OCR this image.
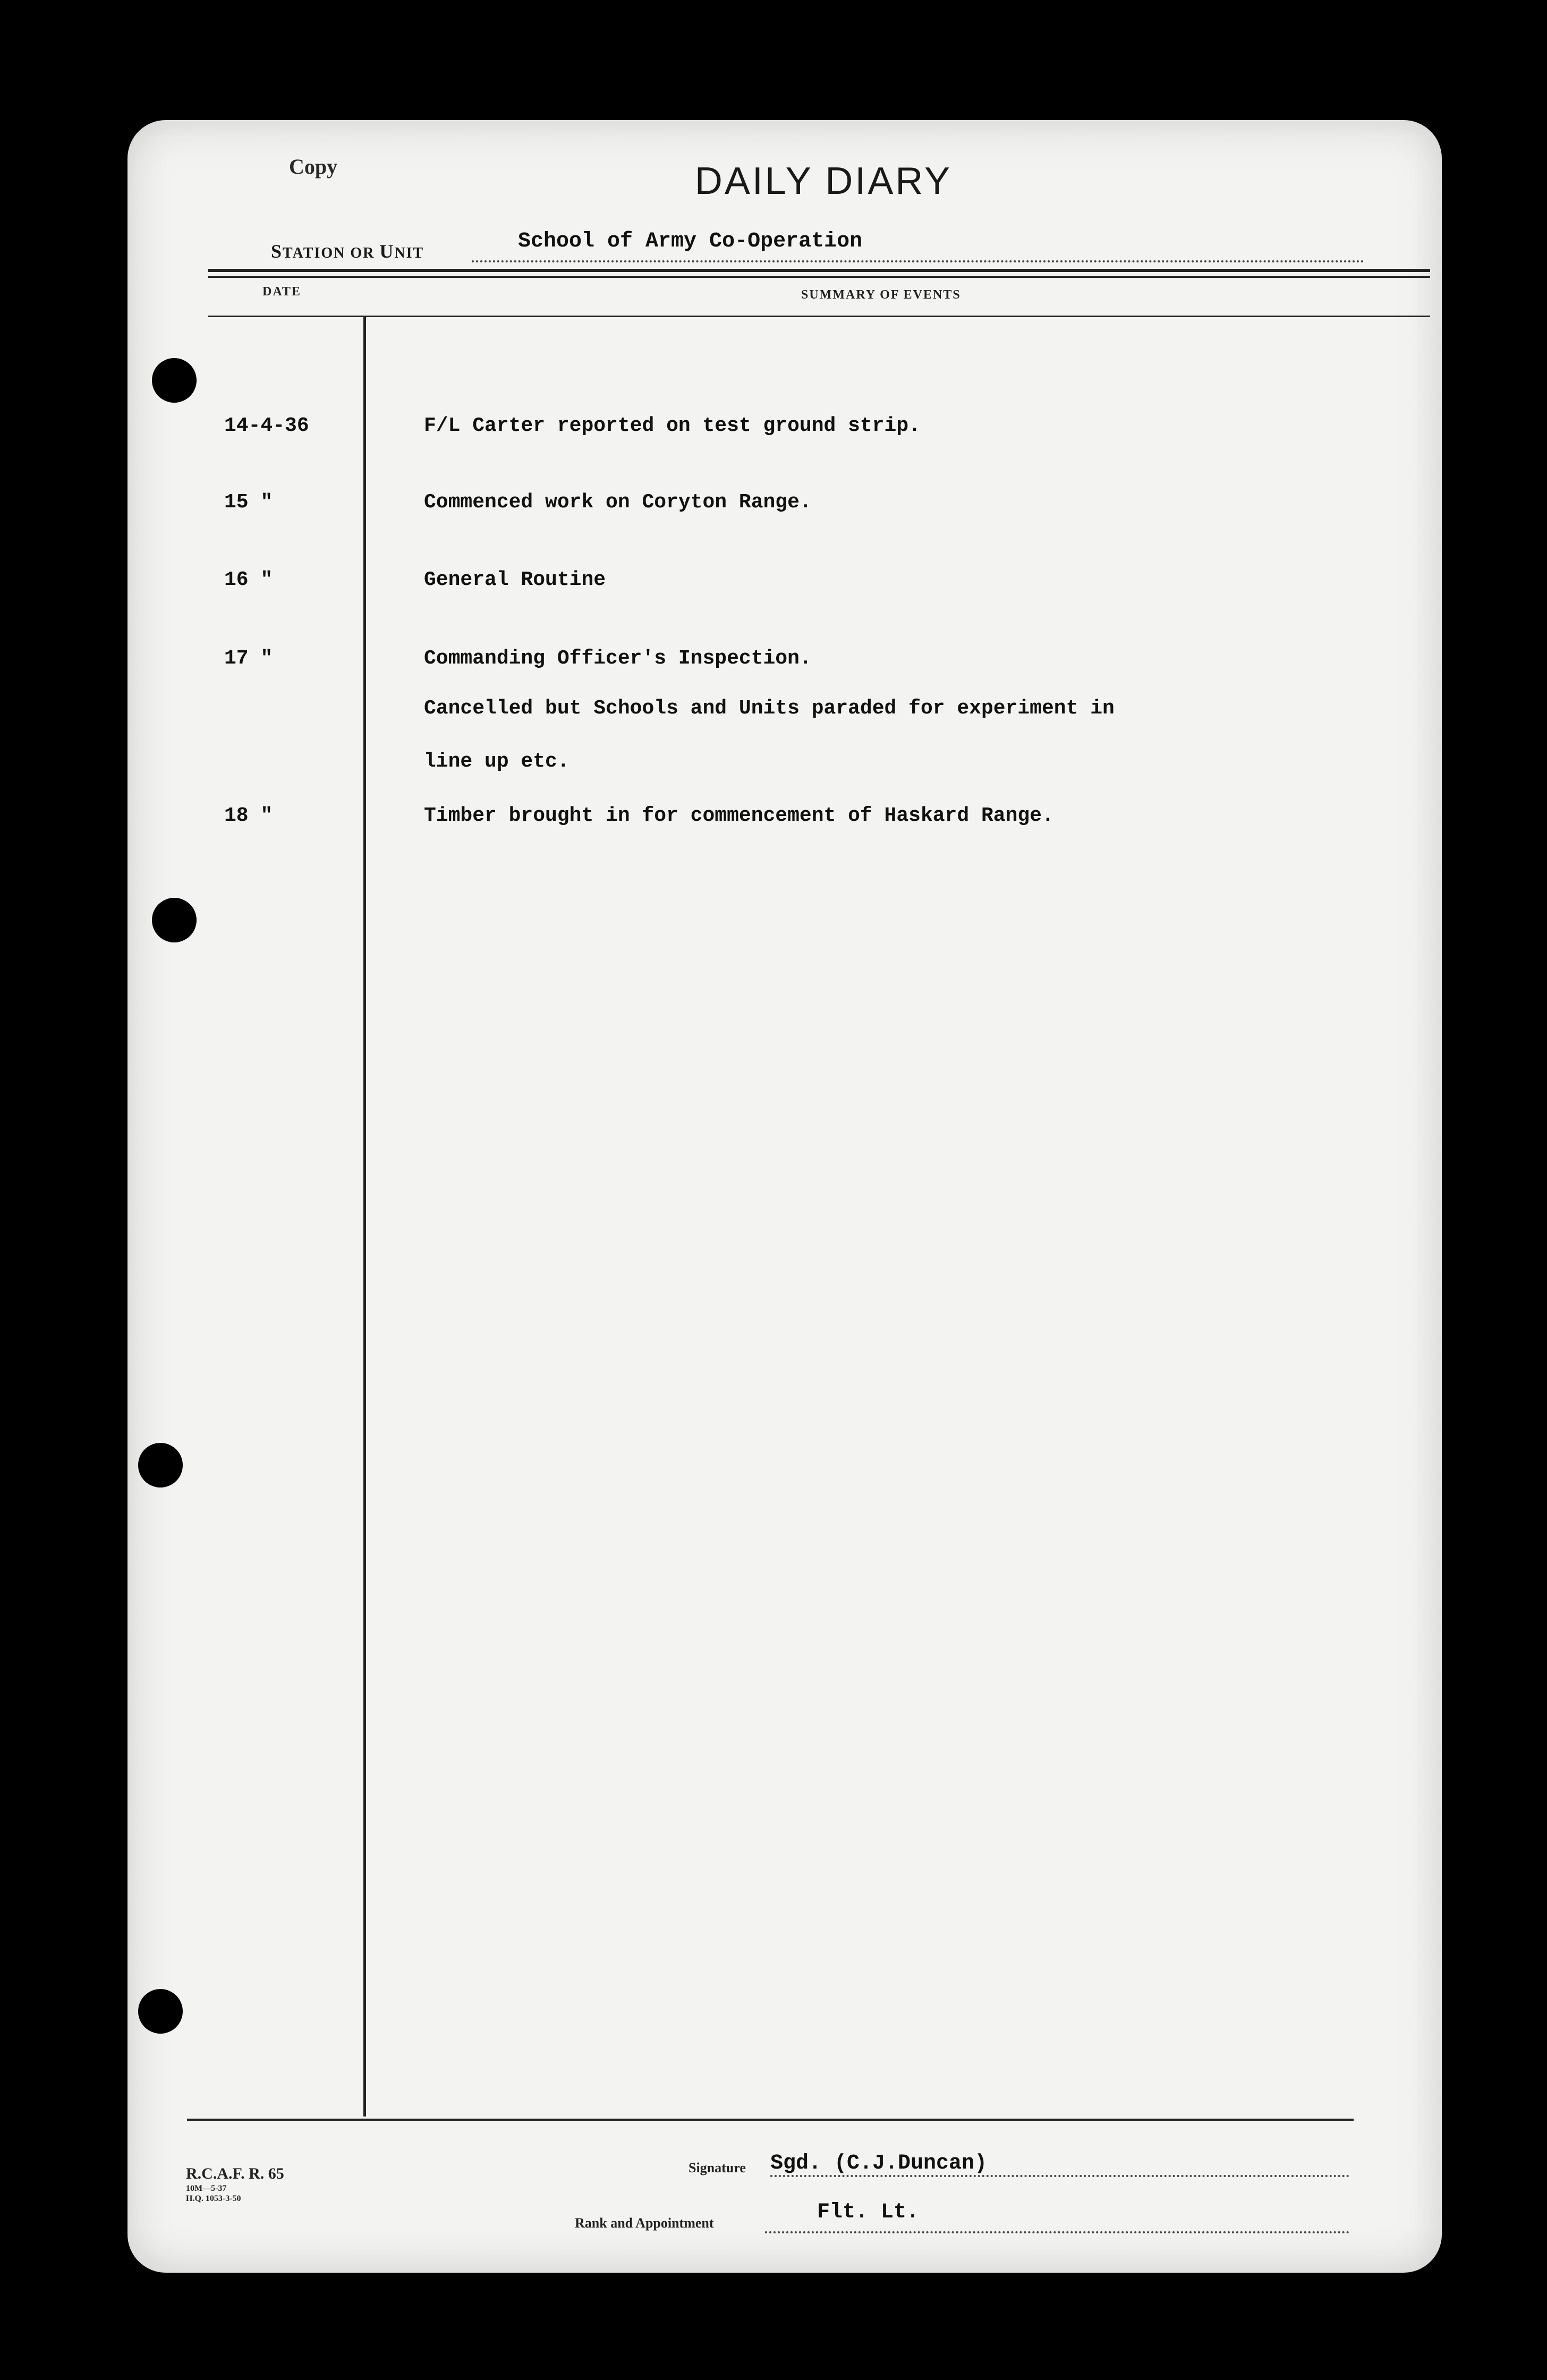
Copy	DAILY DIARY
STATION OR UNIT	School of Army Co-Operation
DATE	SUMMARY OF EVENTS
14-4-36	F/L Carter reported on test ground strip.
15 "	Commenced work on Coryton Range.
16 "	General Routine
17 "	Commanding Officer's Inspection.
Cancelled but Schools and Units paraded for experiment in
line up etc.
18 "	Timber brought in for commencement of Haskard Range.
R.C.A.F. R. 65
10M—5-37
H.Q. 1053-3-50
Signature Sgd. (C.J.Duncan)
Rank and Appointment	Flt. Lt.
